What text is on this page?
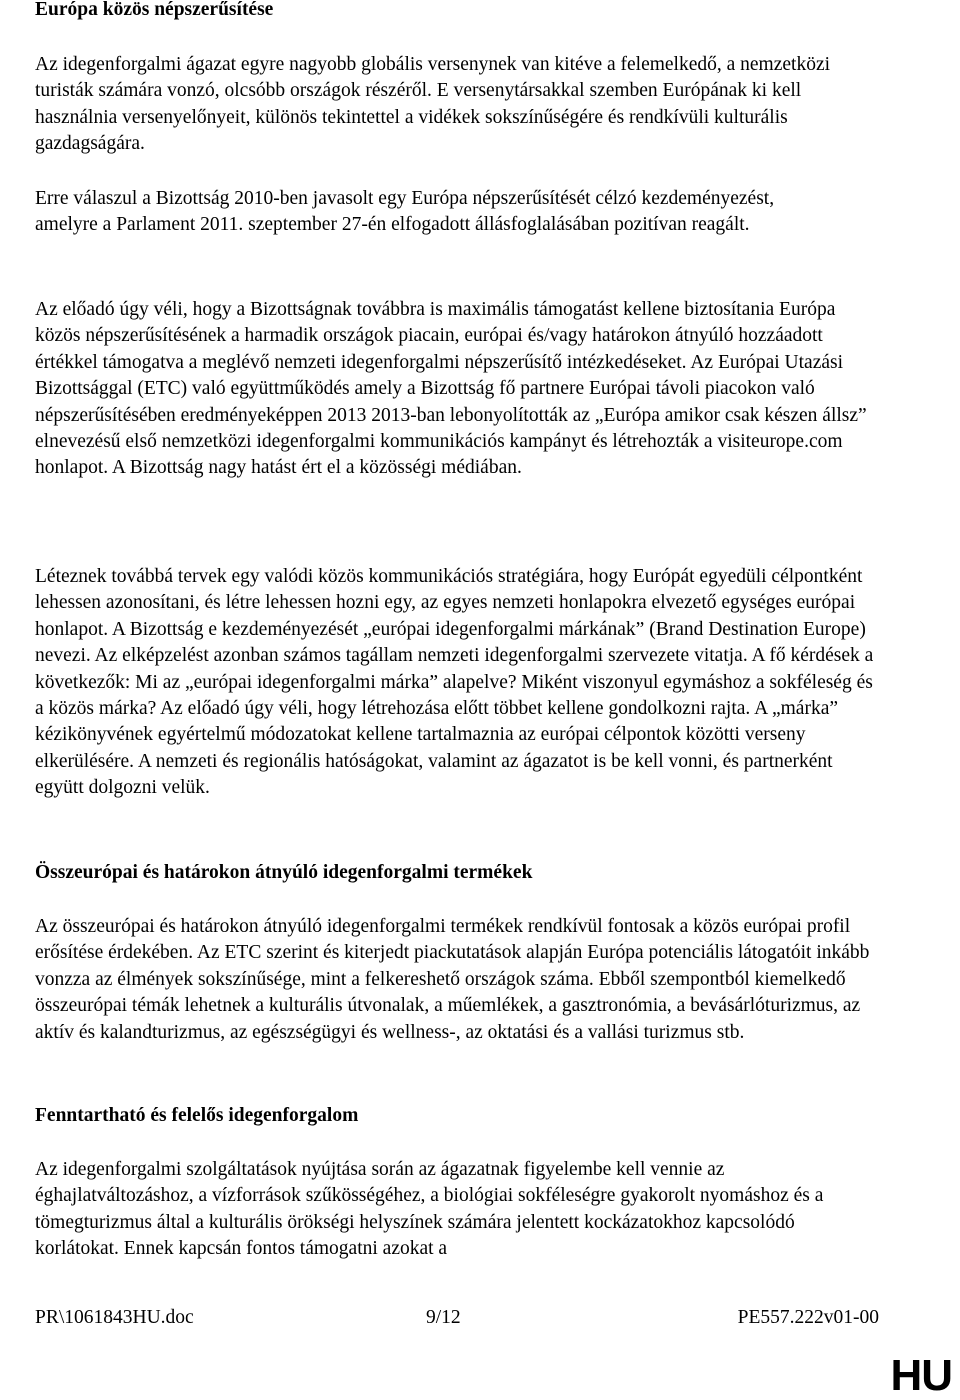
Európa közös népszerűsítése

Az idegenforgalmi ágazat egyre nagyobb globális versenynek van kitéve a felemelkedő, a nemzetközi turisták számára vonzó, olcsóbb országok részéről. E versenytársakkal szemben Európának ki kell használnia versenyelőnyeit, különös tekintettel a vidékek sokszínűségére és rendkívüli kulturális gazdagságára.

Erre válaszul a Bizottság 2010-ben javasolt egy Európa népszerűsítését célzó kezdeményezést, amelyre a Parlament 2011. szeptember 27-én elfogadott állásfoglalásában pozitívan reagált.

Az előadó úgy véli, hogy a Bizottságnak továbbra is maximális támogatást kellene biztosítania Európa közös népszerűsítésének a harmadik országok piacain, európai és/vagy határokon átnyúló hozzáadott értékkel támogatva a meglévő nemzeti idegenforgalmi népszerűsítő intézkedéseket. Az Európai Utazási Bizottsággal (ETC) való együttműködés amely a Bizottság fő partnere Európai távoli piacokon való népszerűsítésében eredményeképpen 2013 2013-ban lebonyolították az „Európa amikor csak készen állsz” elnevezésű első nemzetközi idegenforgalmi kommunikációs kampányt és létrehozták a visiteurope.com honlapot. A Bizottság nagy hatást ért el a közösségi médiában.

Léteznek továbbá tervek egy valódi közös kommunikációs stratégiára, hogy Európát egyedüli célpontként lehessen azonosítani, és létre lehessen hozni egy, az egyes nemzeti honlapokra elvezető egységes európai honlapot. A Bizottság e kezdeményezését „európai idegenforgalmi márkának” (Brand Destination Europe) nevezi. Az elképzelést azonban számos tagállam nemzeti idegenforgalmi szervezete vitatja. A fő kérdések a következők: Mi az „európai idegenforgalmi márka” alapelve? Miként viszonyul egymáshoz a sokféleség és a közös márka? Az előadó úgy véli, hogy létrehozása előtt többet kellene gondolkozni rajta. A „márka” kézikönyvének egyértelmű módozatokat kellene tartalmaznia az európai célpontok közötti verseny elkerülésére. A nemzeti és regionális hatóságokat, valamint az ágazatot is be kell vonni, és partnerként együtt dolgozni velük.

Összeurópai és határokon átnyúló idegenforgalmi termékek

Az összeurópai és határokon átnyúló idegenforgalmi termékek rendkívül fontosak a közös európai profil erősítése érdekében. Az ETC szerint és kiterjedt piackutatások alapján Európa potenciális látogatóit inkább vonzza az élmények sokszínűsége, mint a felkereshető országok száma. Ebből szempontból kiemelkedő összeurópai témák lehetnek a kulturális útvonalak, a műemlékek, a gasztronómia, a bevásárlóturizmus, az aktív és kalandturizmus, az egészségügyi és wellness-, az oktatási és a vallási turizmus stb.

Fenntartható és felelős idegenforgalom

Az idegenforgalmi szolgáltatások nyújtása során az ágazatnak figyelembe kell vennie az éghajlatváltozáshoz, a vízforrások szűkösségéhez, a biológiai sokféleségre gyakorolt nyomáshoz és a tömegturizmus által a kulturális örökségi helyszínek számára jelentett kockázatokhoz kapcsolódó korlátokat. Ennek kapcsán fontos támogatni azokat a

PR\1061843HU.doc	9/12	PE557.222v01-00
HU
